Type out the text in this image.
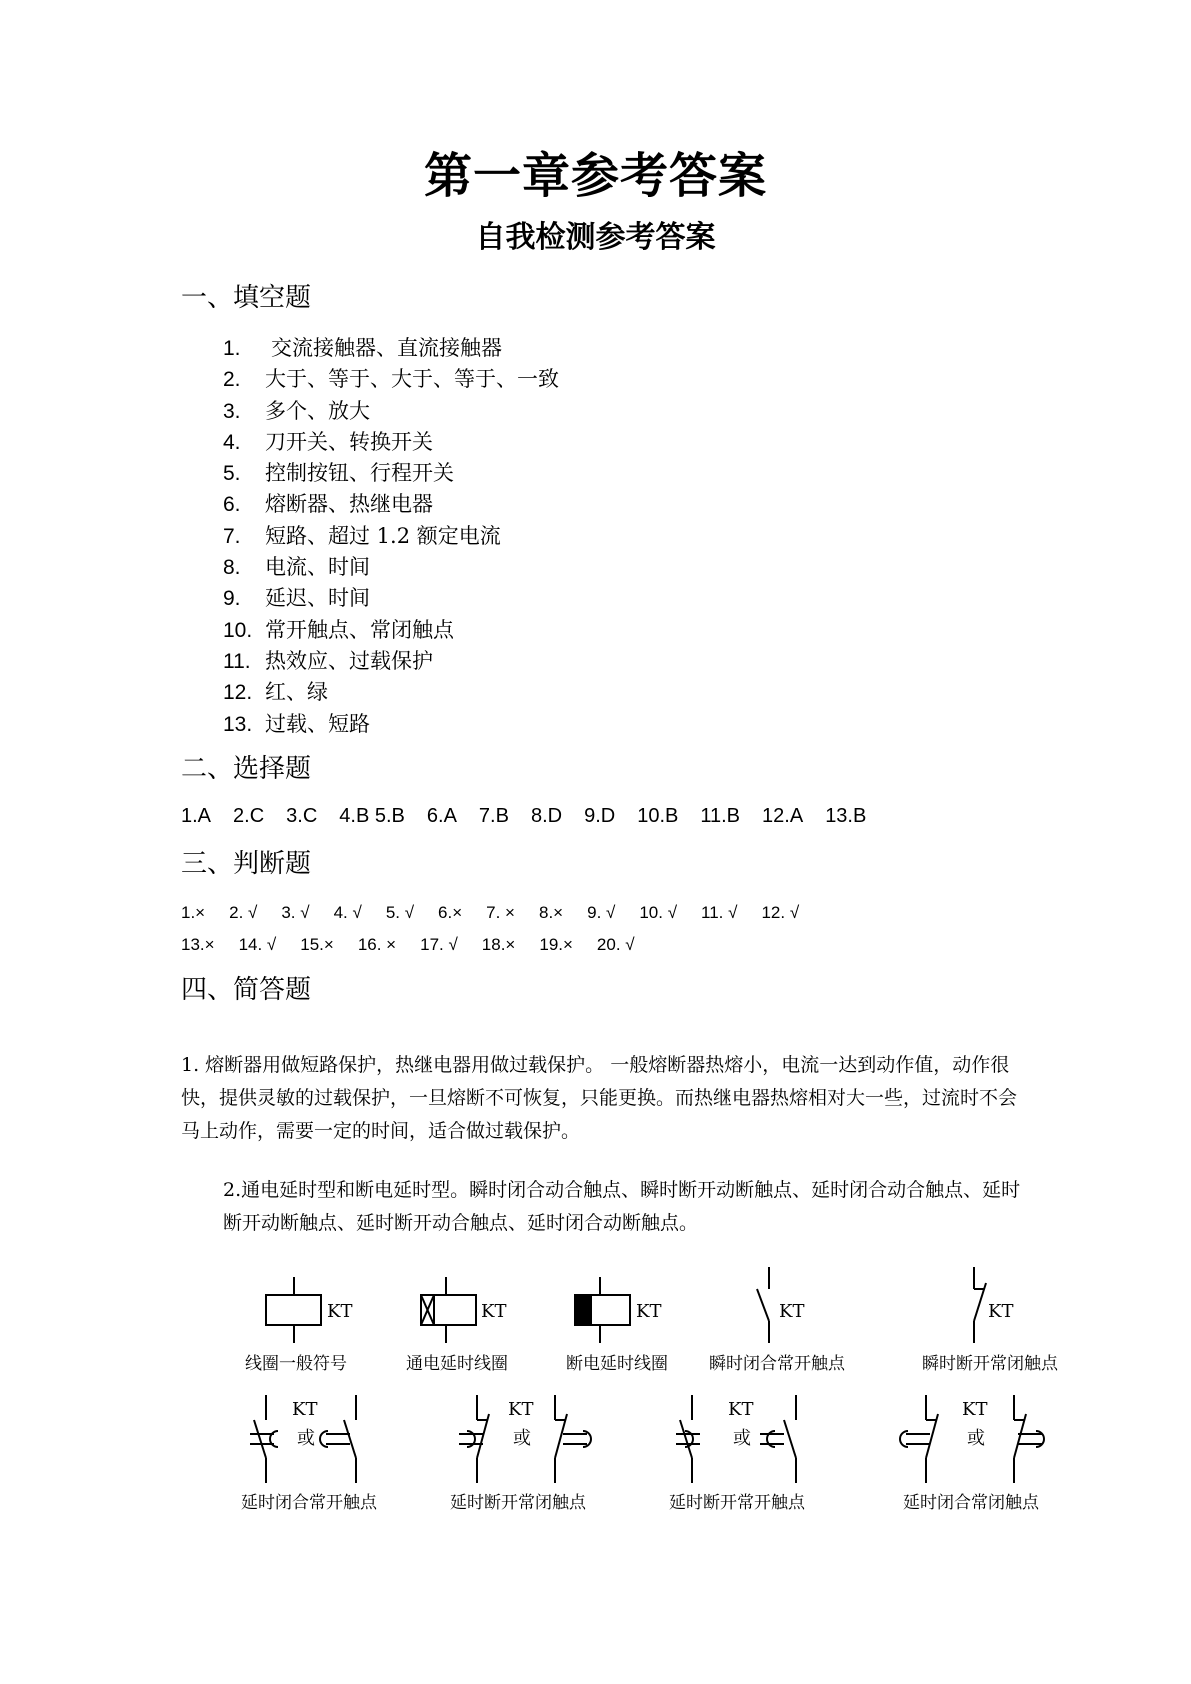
第一章参考答案
自我检测参考答案
一、填空题
1.	交流接触器、直流接触器
2.	大于、等于、大于、等于、一致
3.	多个、放大
4.	刀开关、转换开关
5.	控制按钮、行程开关
6.	熔断器、热继电器
7.	短路、超过 1.2 额定电流
8.	电流、时间
9.	延迟、时间
10. 常开触点、常闭触点
11. 热效应、过载保护
12. 红、绿
13. 过载、短路
二、选择题
1.A 2.C 3.C 4.B 5.B 6.A 7.B 8.D 9.D 10.B 11.B 12.A 13.B
三、判断题
1.× 2. √ 3. √ 4. √ 5. √ 6.× 7. × 8.× 9. √ 10. √ 11. √ 12. √
13.× 14. √ 15.× 16. × 17. √ 18.× 19.× 20. √
四、简答题

1. 熔断器用做短路保护，热继电器用做过载保护。 一般熔断器热熔小，电流一达到动作值，动作很快，提供灵敏的过载保护，一旦熔断不可恢复，只能更换。而热继电器热熔相对大一些，过流时不会马上动作，需要一定的时间，适合做过载保护。

2.通电延时型和断电延时型。瞬时闭合动合触点、瞬时断开动断触点、延时闭合动合触点、延时断开动断触点、延时断开动合触点、延时闭合动断触点。

KT	KT	KT	KT	KT
KT	KT	KT	KT
或	或	或	或
线圈一般符号	通电延时线圈	断电延时线圈 瞬时闭合常开触点	瞬时断开常闭触点
延时闭合常开触点	延时断开常闭触点	延时断开常开触点	延时闭合常闭触点
